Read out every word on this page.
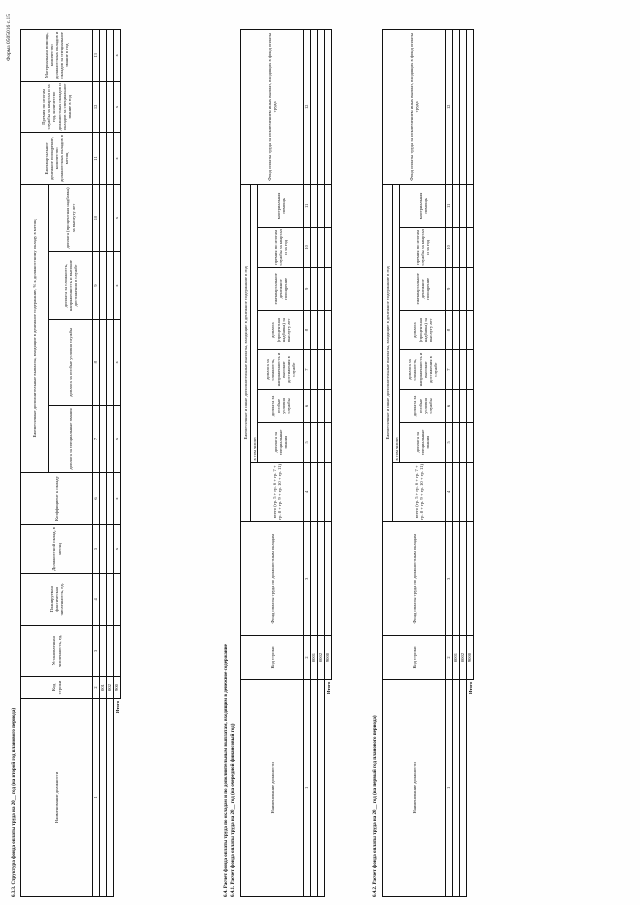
Форма 0505016 с.15
6.3.3. Структура фонда оплаты труда на 20__ год (на второй год планового периода)	Наименование должности	Код строки	Установленная численность, ед.	Планируемая фактическая численность, ед.	Должностной оклад, в месяц	Коэффициент к окладу	Ежемесячные дополнительные выплаты, входящие в денежное содержание, % к должностному окладу в месяц				Ежеквартальное денежное поощрение, количество должностных окладов в месяц	Премия по итогам службы за квартал и за год, количество должностных окладов и окладов за специальное звание в год	Материальная помощь, количество должностных окладов и окладов за специальное звание в год
						доплата за специальные звания	доплата за особые условия службы	доплата за сложность, напряженность и высокие достижения в службе	доплата (процентная надбавка) за выслугу лет			
1	2	3	4	5	6	7	8	9	10	11	12	13
	001											
	002											
Итого	900			x	x	x	x	x	x	x	x	x
6.4. Расчет фонда оплаты труда по окладам и по дополнительным выплатам, входящим в денежное содержание 6.4.1. Расчет фонда оплаты труда на 20__ год (на очередной финансовый год)	Наименование должности	Код строки	Фонд оплаты труда по должностным окладам	Ежемесячные и иные дополнительные выплаты, входящие в денежное содержание в год								Фонд оплаты труда за исключением иных выплат, входящих в фонд оплаты труда
			всего (гр. 5 + гр. 6 + гр. 7 + гр. 8 + гр. 9 + гр. 10 + гр. 11)	в том числе:							
				доплата за специальные звания	доплата за особые условия службы	доплата за сложность, напряженность и высокие достижения в службе	доплата (процентная надбавка) за выслугу лет	ежеквартальное денежное поощрение	премия по итогам службы за квартал и за год	материальная помощь	
1	2	3	4	5	6	7	8	9	10	11	12
	0001										
	0002										
Итого	9000										
6.4.2. Расчет фонда оплаты труда на 20__ год (на первый год планового периода)	Наименование должности	Код строки	Фонд оплаты труда по должностным окладам	Ежемесячные и иные дополнительные выплаты, входящие в денежное содержание в год								Фонд оплаты труда за исключением иных выплат, входящих в фонд оплаты труда
			всего (гр. 5 + гр. 6 + гр. 7 + гр. 8 + гр. 9 + гр. 10 + гр. 11)	в том числе:							
				доплата за специальные звания	доплата за особые условия службы	доплата за сложность, напряженность и высокие достижения в службе	доплата (процентная надбавка) за выслугу лет	ежеквартальное денежное поощрение	премия по итогам службы за квартал и за год	материальная помощь	
1	2	3	4	5	6	7	8	9	10	11	12
	0001										
	0002										
Итого	9000										
